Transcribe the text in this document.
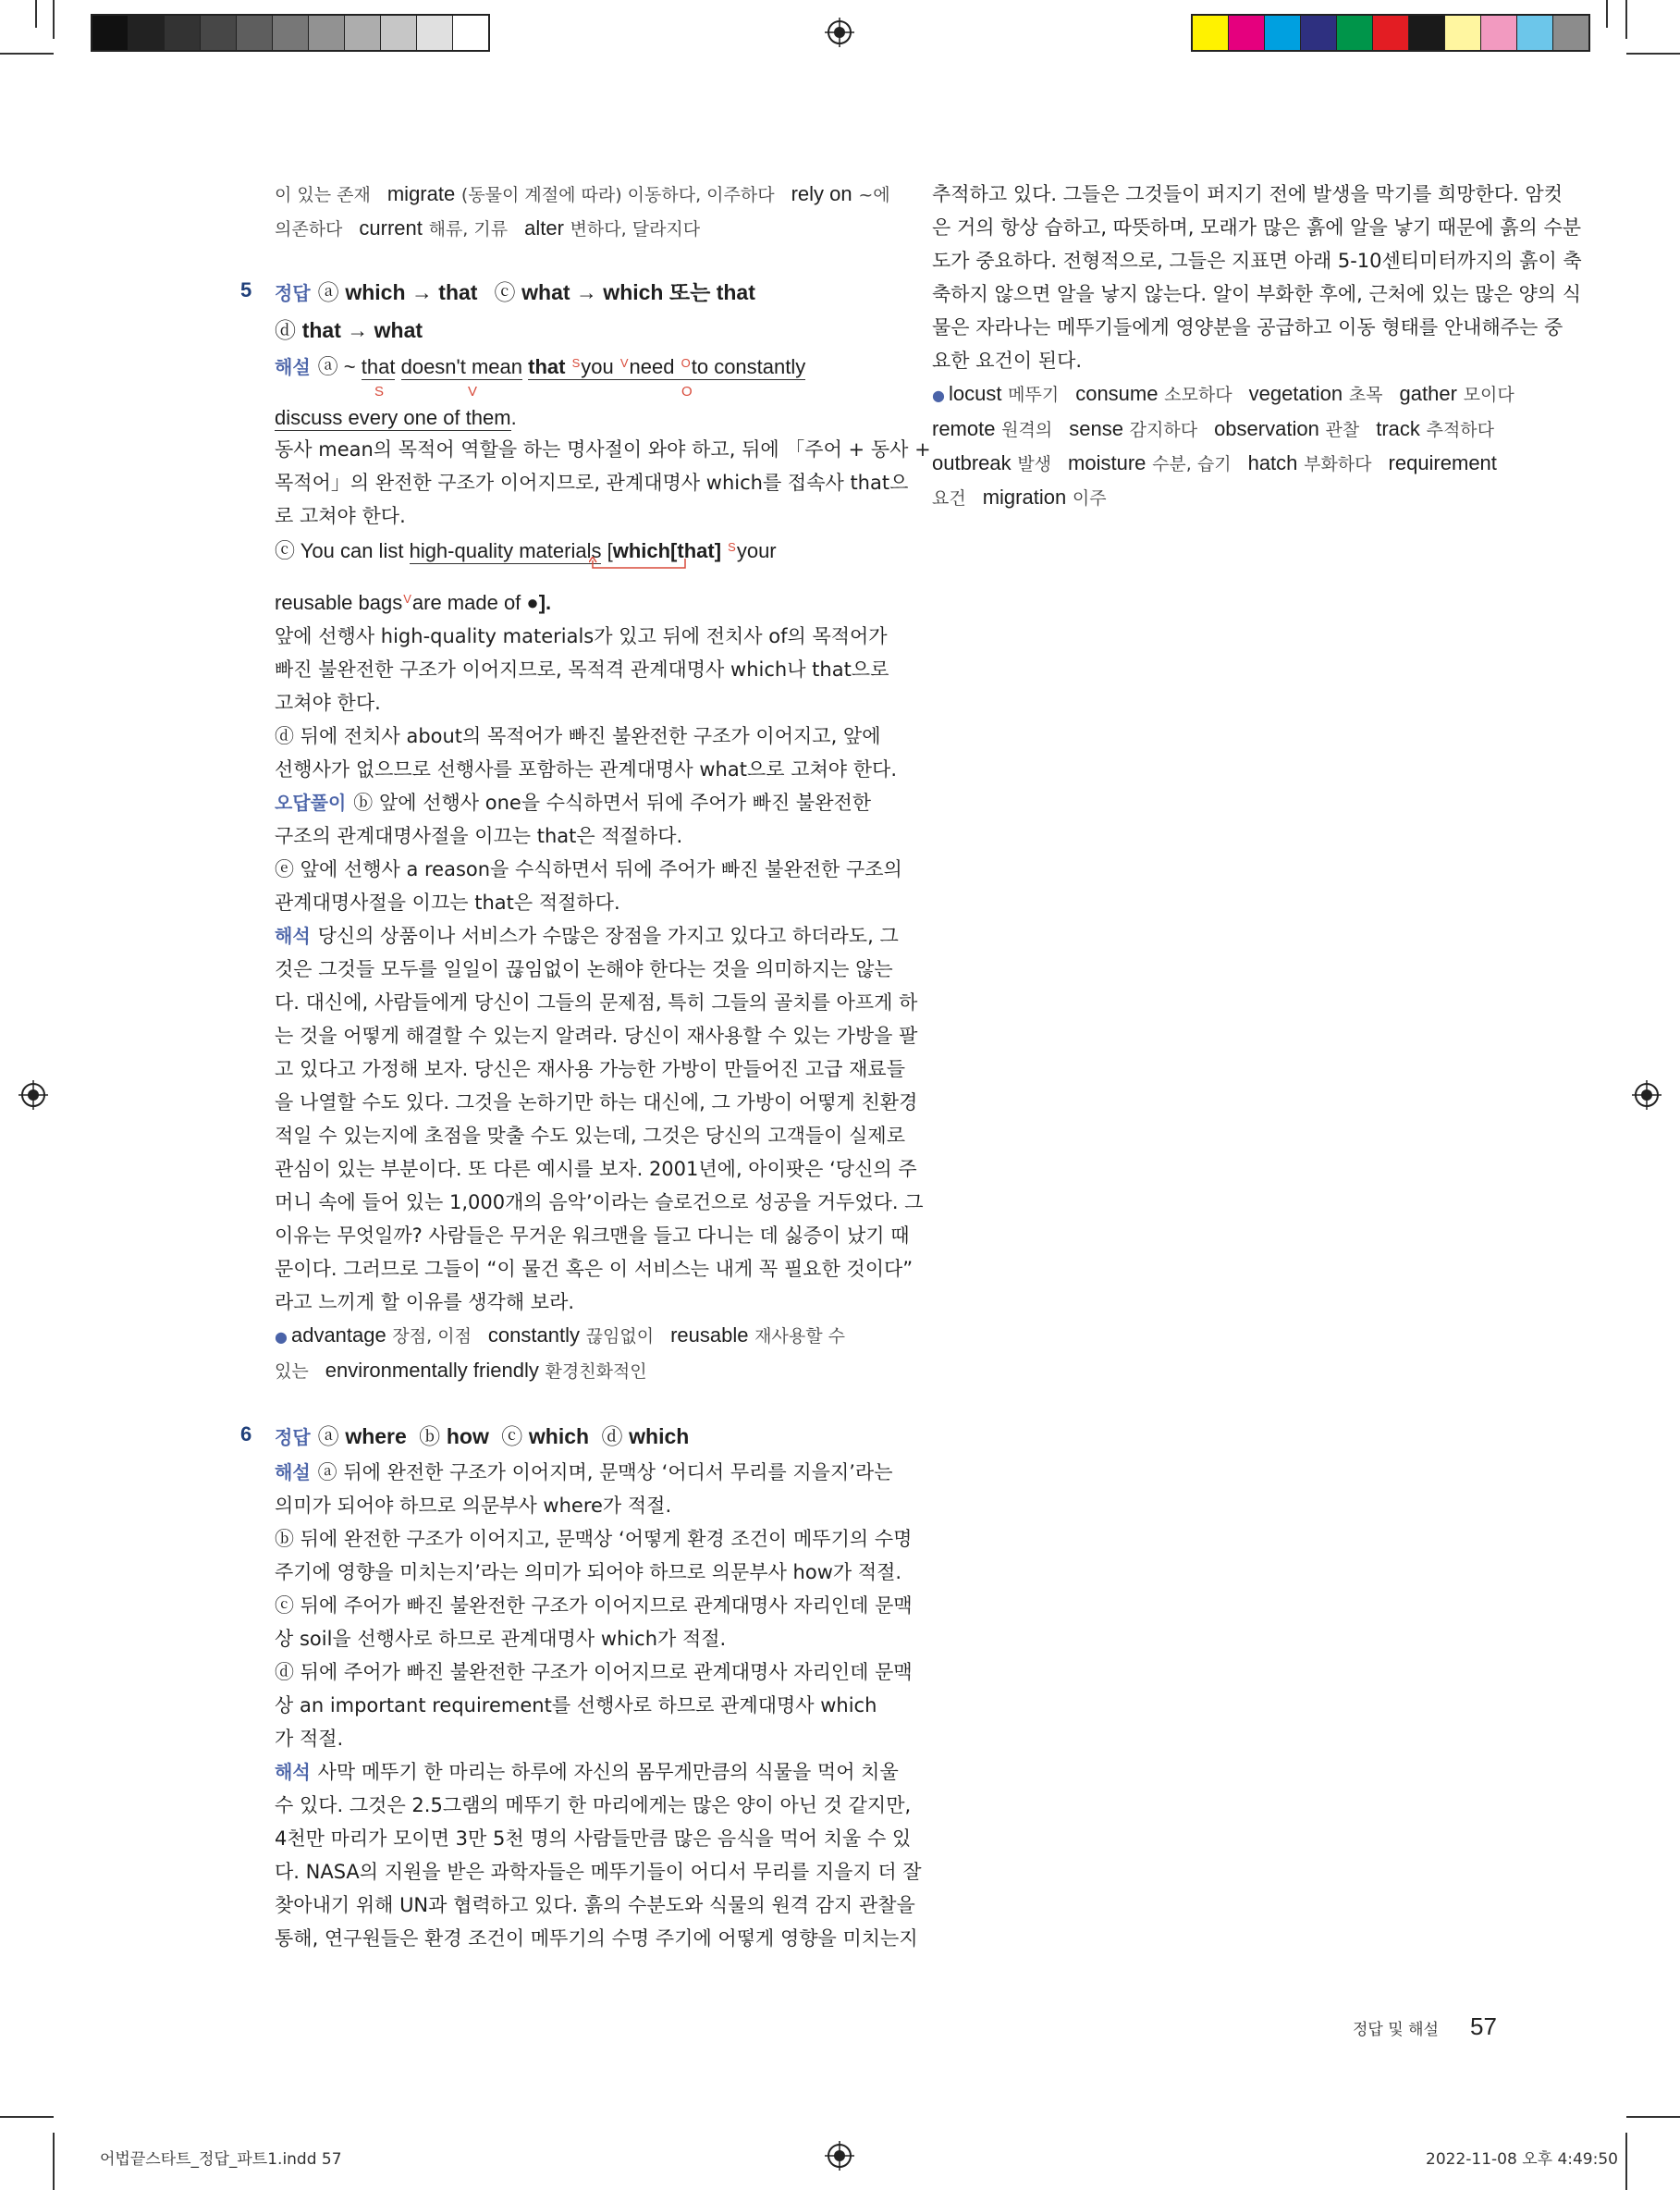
이 있는 존재 migrate (동물이 계절에 따라) 이동하다, 이주하다 rely on ~에
의존하다 current 해류, 기류 alter 변하다, 달라지다
5 정답 ⓐ which → that ⓒ what → which 또는 that
ⓓ that → what
해설 ⓐ ~ that doesn't mean that $^S$you $^V$need $^O$to constantly
S	V	O
discuss every one of them.
동사 mean의 목적어 역할을 하는 명사절이 와야 하고, 뒤에 「주어 + 동사 +
목적어」의 완전한 구조가 이어지므로, 관계대명사 which를 접속사 that으
로 고쳐야 한다.
ⓒ You can list high-quality materials [which[that] $^S$your
reusable bags$^V$are made of ●].
앞에 선행사 high-quality materials가 있고 뒤에 전치사 of의 목적어가
빠진 불완전한 구조가 이어지므로, 목적격 관계대명사 which나 that으로
고쳐야 한다.
ⓓ 뒤에 전치사 about의 목적어가 빠진 불완전한 구조가 이어지고, 앞에
선행사가 없으므로 선행사를 포함하는 관계대명사 what으로 고쳐야 한다.
오답풀이 ⓑ 앞에 선행사 one을 수식하면서 뒤에 주어가 빠진 불완전한
구조의 관계대명사절을 이끄는 that은 적절하다.
ⓔ 앞에 선행사 a reason을 수식하면서 뒤에 주어가 빠진 불완전한 구조의
관계대명사절을 이끄는 that은 적절하다.
해석 당신의 상품이나 서비스가 수많은 장점을 가지고 있다고 하더라도, 그
것은 그것들 모두를 일일이 끊임없이 논해야 한다는 것을 의미하지는 않는
다. 대신에, 사람들에게 당신이 그들의 문제점, 특히 그들의 골치를 아프게 하
는 것을 어떻게 해결할 수 있는지 알려라. 당신이 재사용할 수 있는 가방을 팔
고 있다고 가정해 보자. 당신은 재사용 가능한 가방이 만들어진 고급 재료들
을 나열할 수도 있다. 그것을 논하기만 하는 대신에, 그 가방이 어떻게 친환경
적일 수 있는지에 초점을 맞출 수도 있는데, 그것은 당신의 고객들이 실제로
관심이 있는 부분이다. 또 다른 예시를 보자. 2001년에, 아이팟은 ‘당신의 주
머니 속에 들어 있는 1,000개의 음악’이라는 슬로건으로 성공을 거두었다. 그
이유는 무엇일까? 사람들은 무거운 워크맨을 들고 다니는 데 싫증이 났기 때
문이다. 그러므로 그들이 “이 물건 혹은 이 서비스는 내게 꼭 필요한 것이다”
라고 느끼게 할 이유를 생각해 보라.
● advantage 장점, 이점 constantly 끊임없이 reusable 재사용할 수
있는 environmentally friendly 환경친화적인
6 정답 ⓐ where ⓑ how ⓒ which ⓓ which
해설 ⓐ 뒤에 완전한 구조가 이어지며, 문맥상 ‘어디서 무리를 지을지’라는
의미가 되어야 하므로 의문부사 where가 적절.
ⓑ 뒤에 완전한 구조가 이어지고, 문맥상 ‘어떻게 환경 조건이 메뚜기의 수명
주기에 영향을 미치는지’라는 의미가 되어야 하므로 의문부사 how가 적절.
ⓒ 뒤에 주어가 빠진 불완전한 구조가 이어지므로 관계대명사 자리인데 문맥
상 soil을 선행사로 하므로 관계대명사 which가 적절.
ⓓ 뒤에 주어가 빠진 불완전한 구조가 이어지므로 관계대명사 자리인데 문맥
상 an important requirement를 선행사로 하므로 관계대명사 which
가 적절.
해석 사막 메뚜기 한 마리는 하루에 자신의 몸무게만큼의 식물을 먹어 치울
수 있다. 그것은 2.5그램의 메뚜기 한 마리에게는 많은 양이 아닌 것 같지만,
4천만 마리가 모이면 3만 5천 명의 사람들만큼 많은 음식을 먹어 치울 수 있
다. NASA의 지원을 받은 과학자들은 메뚜기들이 어디서 무리를 지을지 더 잘
찾아내기 위해 UN과 협력하고 있다. 흙의 수분도와 식물의 원격 감지 관찰을
통해, 연구원들은 환경 조건이 메뚜기의 수명 주기에 어떻게 영향을 미치는지
추적하고 있다. 그들은 그것들이 퍼지기 전에 발생을 막기를 희망한다. 암컷
은 거의 항상 습하고, 따뜻하며, 모래가 많은 흙에 알을 낳기 때문에 흙의 수분
도가 중요하다. 전형적으로, 그들은 지표면 아래 5-10센티미터까지의 흙이 축
축하지 않으면 알을 낳지 않는다. 알이 부화한 후에, 근처에 있는 많은 양의 식
물은 자라나는 메뚜기들에게 영양분을 공급하고 이동 형태를 안내해주는 중
요한 요건이 된다.
● locust 메뚜기 consume 소모하다 vegetation 초목 gather 모이다
remote 원격의 sense 감지하다 observation 관찰 track 추적하다
outbreak 발생 moisture 수분, 습기 hatch 부화하다 requirement
요건 migration 이주
정답 및 해설 57
어법끝스타트_정답_파트1.indd 57	2022-11-08 오후 4:49:50
